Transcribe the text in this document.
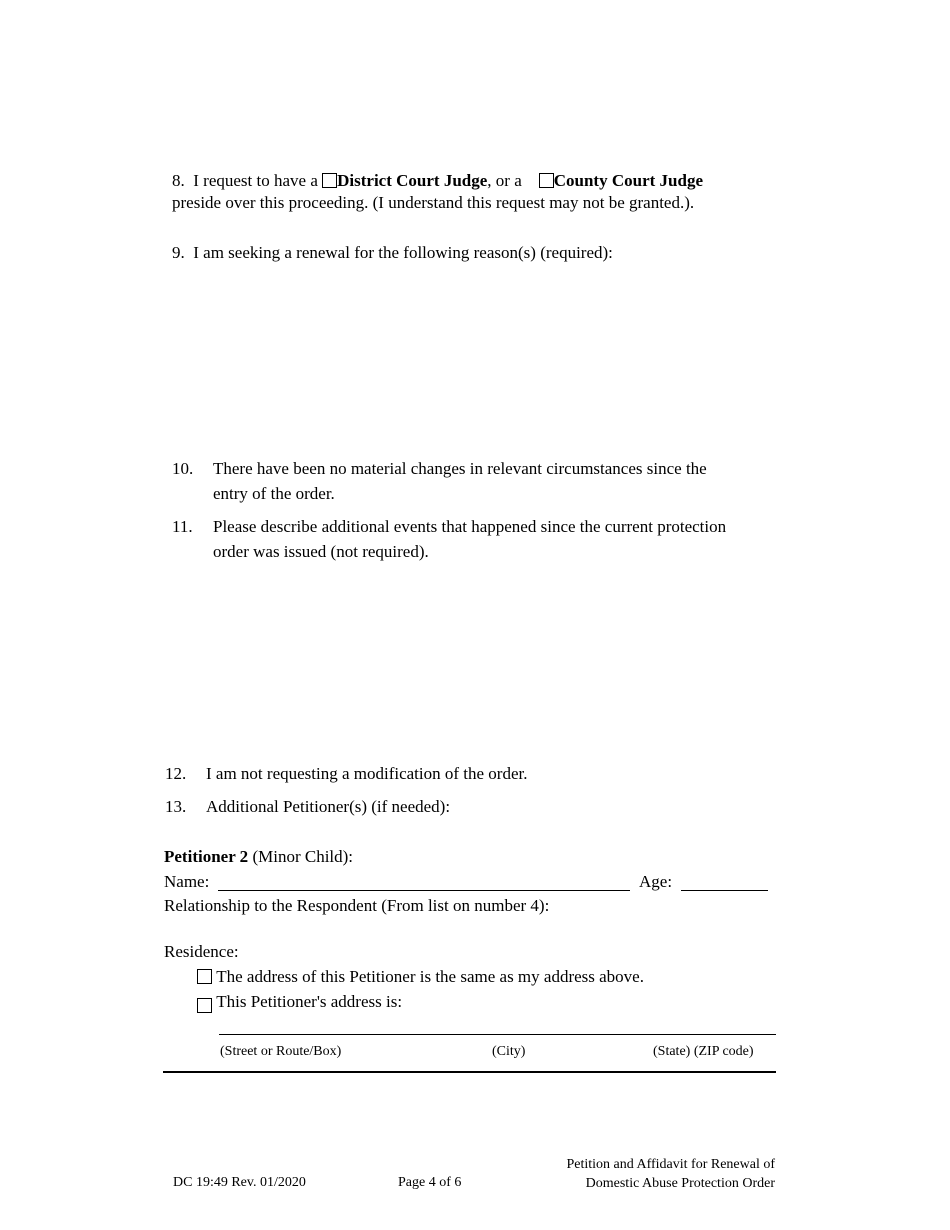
8. I request to have a District Court Judge, or a County Court Judge
preside over this proceeding. (I understand this request may not be granted.).
9. I am seeking a renewal for the following reason(s) (required):
10. There have been no material changes in relevant circumstances since the
entry of the order.
11. Please describe additional events that happened since the current protection
order was issued (not required).
12. I am not requesting a modification of the order.
13. Additional Petitioner(s) (if needed):
Petitioner 2 (Minor Child):
Name:	Age:
Relationship to the Respondent (From list on number 4):
Residence:
The address of this Petitioner is the same as my address above.
This Petitioner's address is:
(Street or Route/Box)	(City)	(State) (ZIP code)
DC 19:49 Rev. 01/2020	Page 4 of 6
Petition and Affidavit for Renewal of
Domestic Abuse Protection Order
